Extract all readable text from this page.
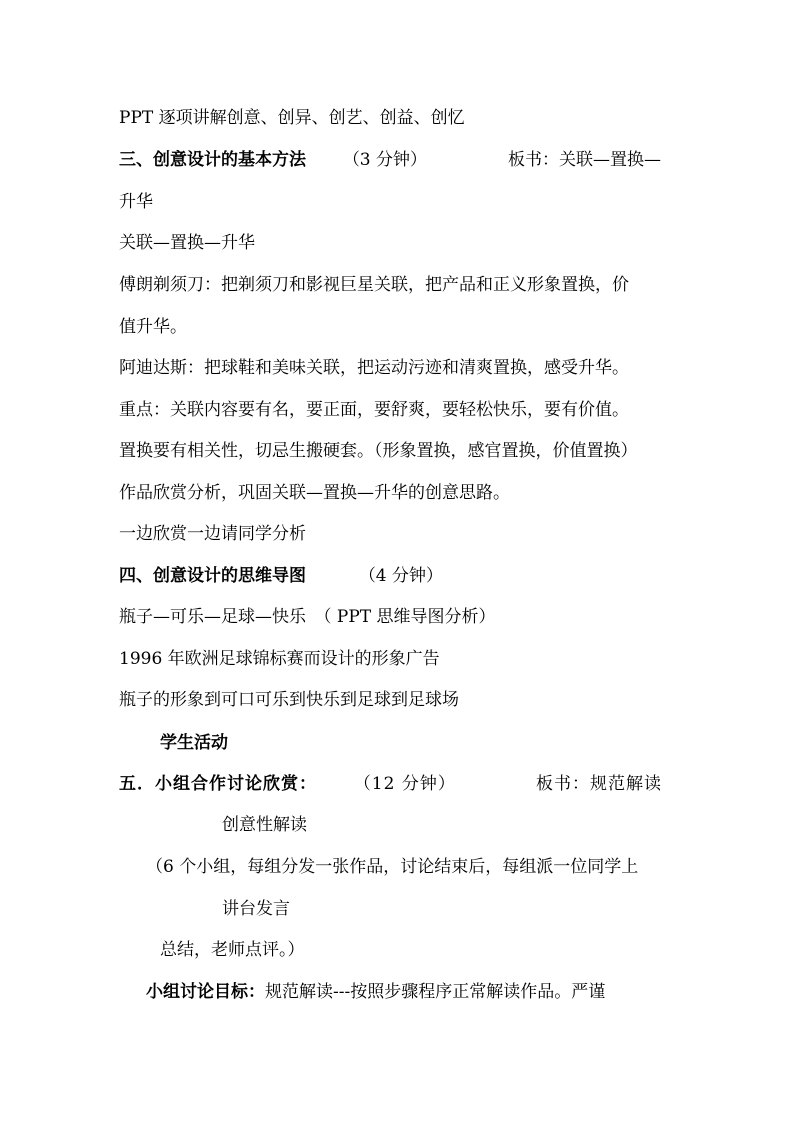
PPT 逐项讲解创意、创异、创艺、创益、创忆
三、创意设计的基本方法 （3 分钟）	板书：关联—置换—
升华
关联—置换—升华
傅朗剃须刀：把剃须刀和影视巨星关联，把产品和正义形象置换，价
值升华。
阿迪达斯：把球鞋和美味关联，把运动污迹和清爽置换，感受升华。
重点：关联内容要有名，要正面，要舒爽，要轻松快乐，要有价值。
置换要有相关性，切忌生搬硬套。（形象置换，感官置换，价值置换）
作品欣赏分析，巩固关联—置换—升华的创意思路。
一边欣赏一边请同学分析
四、创意设计的思维导图	（4 分钟）
瓶子—可乐—足球—快乐　（ PPT 思维导图分析）
1996 年欧洲足球锦标赛而设计的形象广告
瓶子的形象到可口可乐到快乐到足球到足球场
学生活动
五．小组合作讨论欣赏： （12 分钟）	板书：规范解读
创意性解读
（6 个小组，每组分发一张作品，讨论结束后，每组派一位同学上
讲台发言
总结，老师点评。）
小组讨论目标：规范解读---按照步骤程序正常解读作品。严谨
